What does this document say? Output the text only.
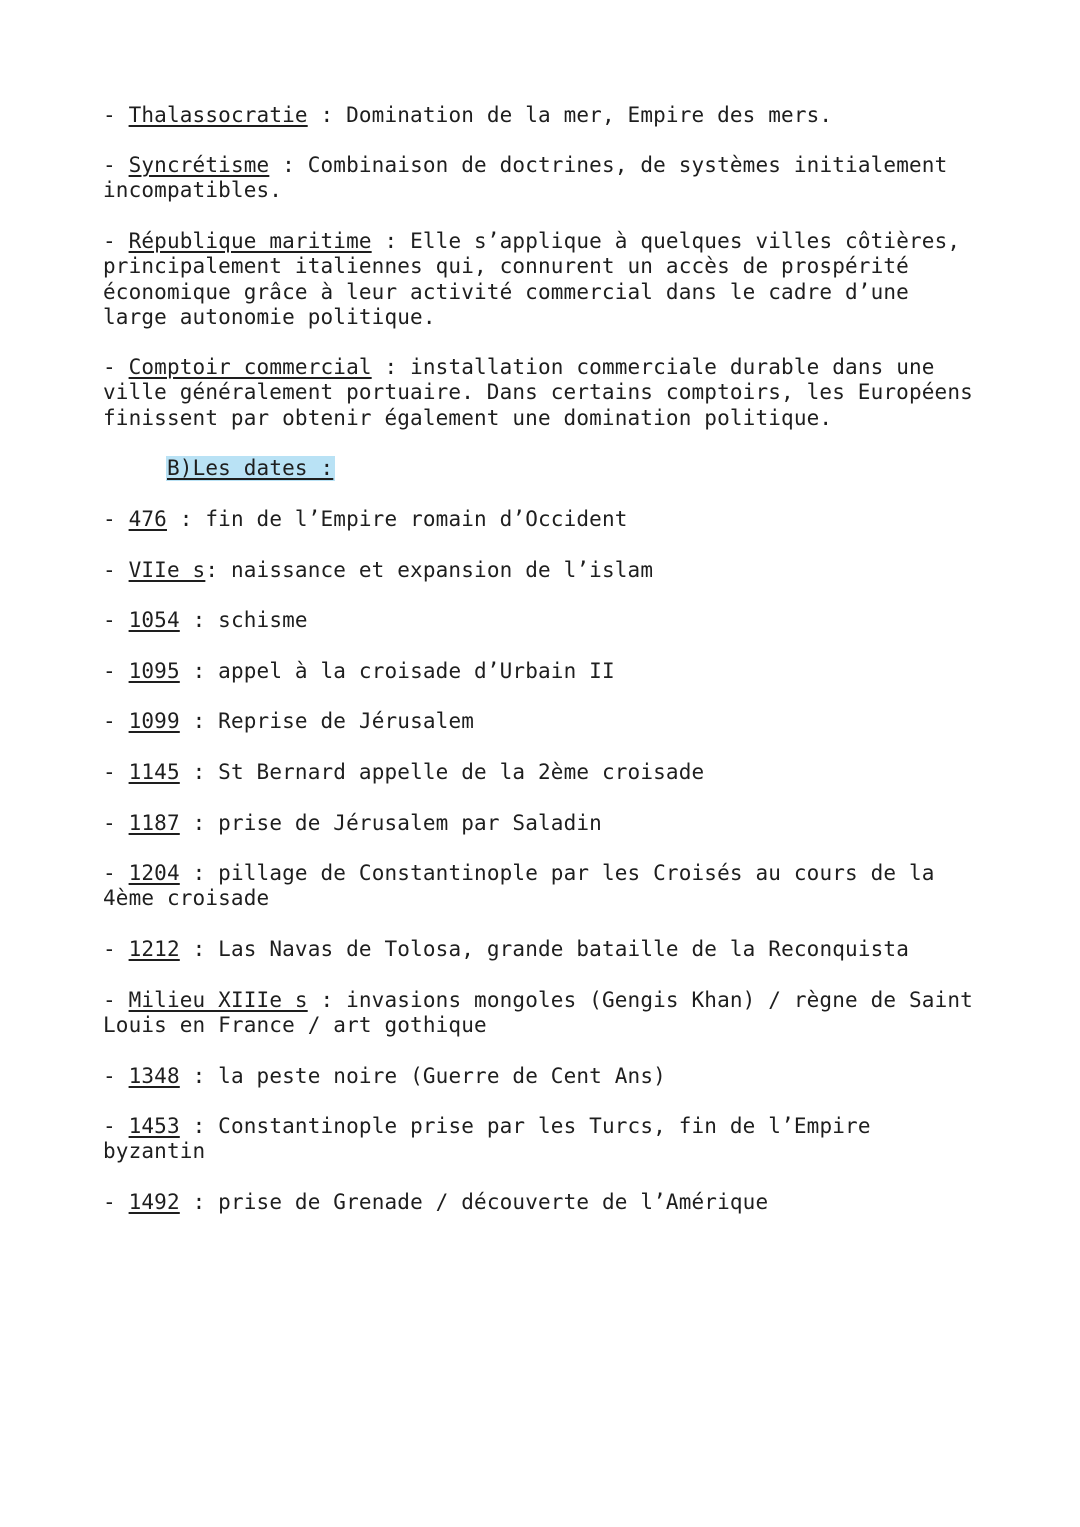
- Thalassocratie : Domination de la mer, Empire des mers.

- Syncrétisme : Combinaison de doctrines, de systèmes initialement incompatibles.

- République maritime : Elle s’applique à quelques villes côtières, principalement italiennes qui, connurent un accès de prospérité économique grâce à leur activité commercial dans le cadre d’une large autonomie politique.

- Comptoir commercial : installation commerciale durable dans une ville généralement portuaire. Dans certains comptoirs, les Européens finissent par obtenir également une domination politique.

B)Les dates :

- 476 : fin de l’Empire romain d’Occident

- VIIe s: naissance et expansion de l’islam

- 1054 : schisme

- 1095 : appel à la croisade d’Urbain II

- 1099 : Reprise de Jérusalem

- 1145 : St Bernard appelle de la 2ème croisade

- 1187 : prise de Jérusalem par Saladin

- 1204 : pillage de Constantinople par les Croisés au cours de la 4ème croisade

- 1212 : Las Navas de Tolosa, grande bataille de la Reconquista

- Milieu XIIIe s : invasions mongoles (Gengis Khan) / règne de Saint Louis en France / art gothique

- 1348 : la peste noire (Guerre de Cent Ans)

- 1453 : Constantinople prise par les Turcs, fin de l’Empire byzantin

- 1492 : prise de Grenade / découverte de l’Amérique
